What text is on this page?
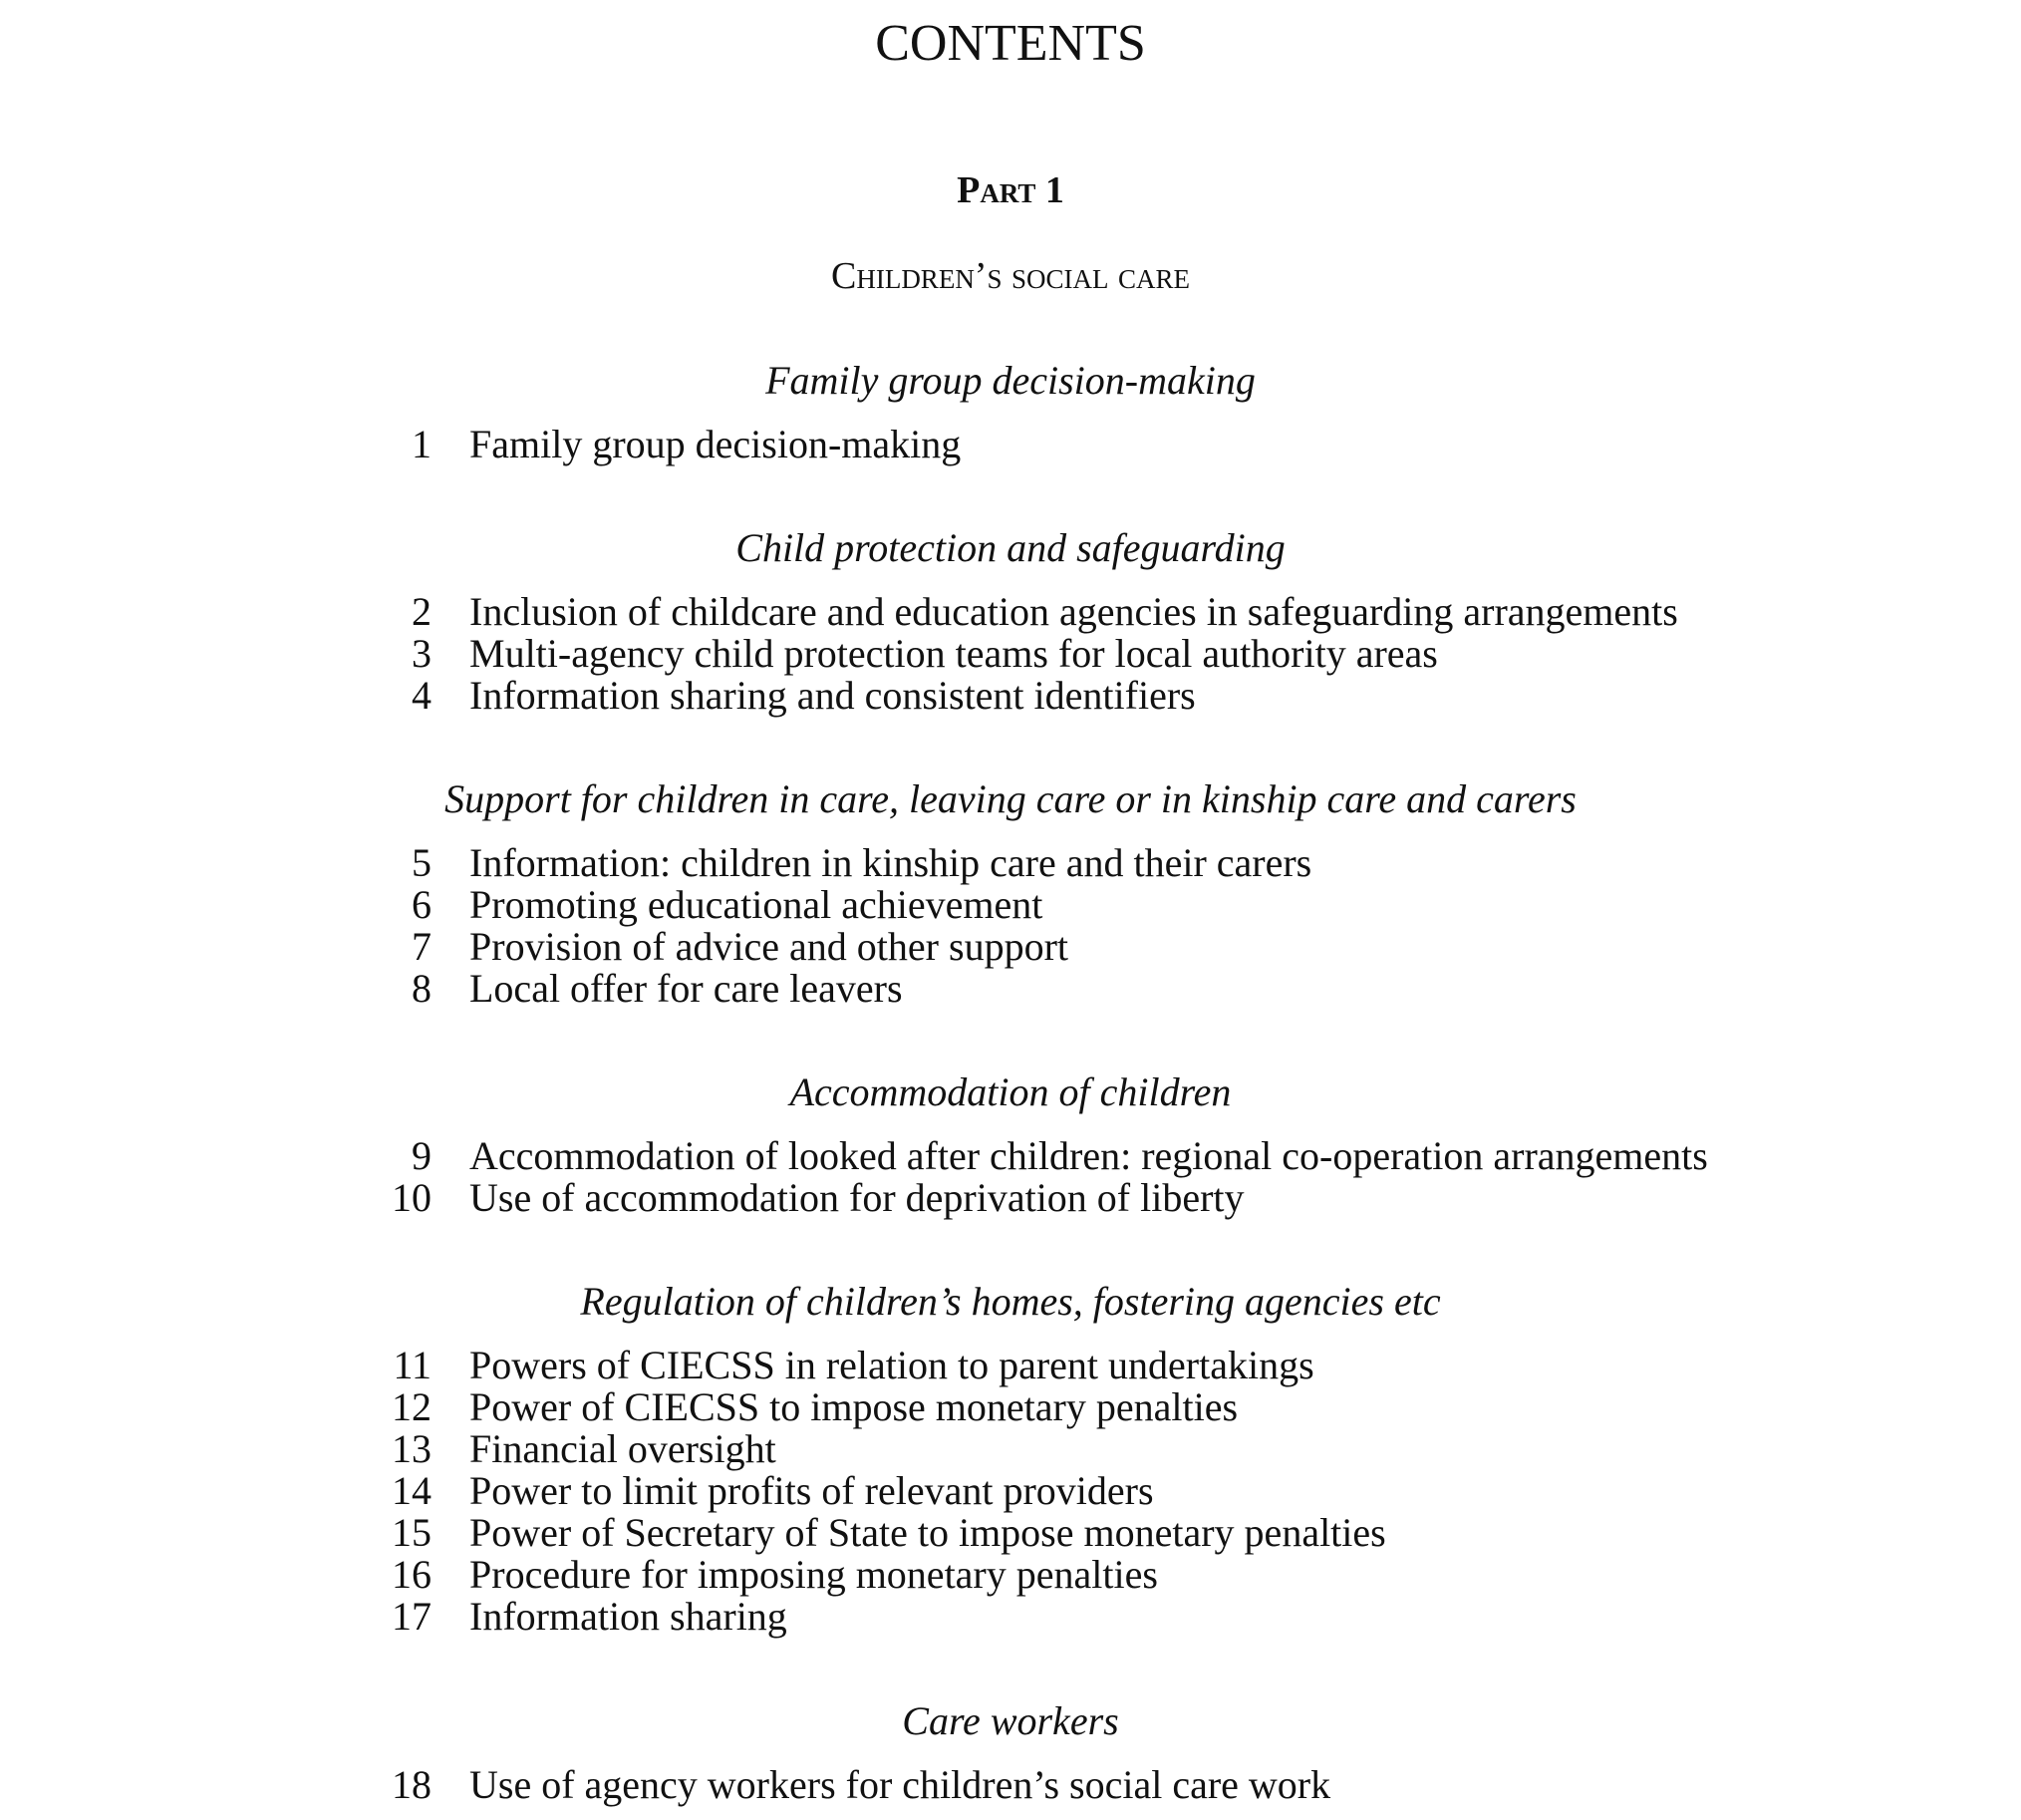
CONTENTS
Part 1
Children’s social care
Family group decision-making
1 Family group decision-making
Child protection and safeguarding
2 Inclusion of childcare and education agencies in safeguarding arrangements
3 Multi-agency child protection teams for local authority areas
4 Information sharing and consistent identifiers
Support for children in care, leaving care or in kinship care and carers
5 Information: children in kinship care and their carers
6 Promoting educational achievement
7 Provision of advice and other support
8 Local offer for care leavers
Accommodation of children
9 Accommodation of looked after children: regional co-operation arrangements
10 Use of accommodation for deprivation of liberty
Regulation of children’s homes, fostering agencies etc
11 Powers of CIECSS in relation to parent undertakings
12 Power of CIECSS to impose monetary penalties
13 Financial oversight
14 Power to limit profits of relevant providers
15 Power of Secretary of State to impose monetary penalties
16 Procedure for imposing monetary penalties
17 Information sharing
Care workers
18 Use of agency workers for children’s social care work
